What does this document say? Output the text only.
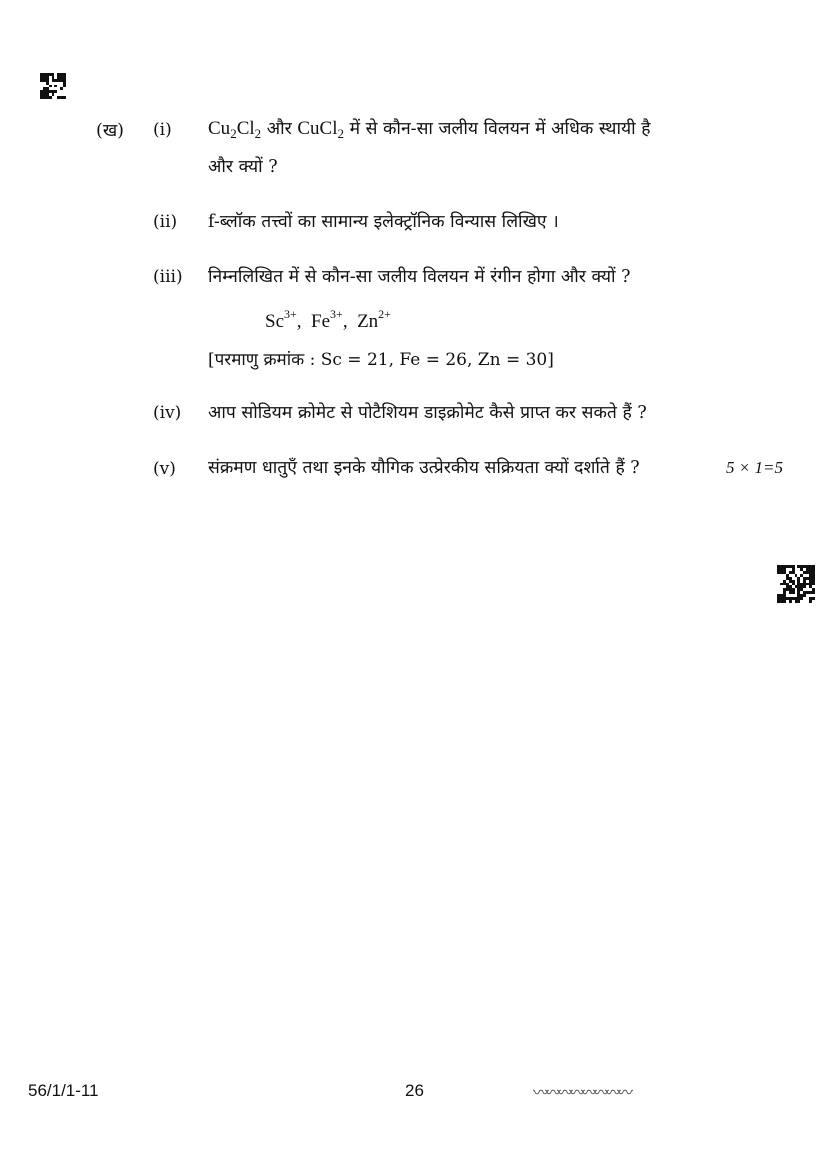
(ख) (i) $Cu_2Cl_2$ और CuCl$_2$ में से कौन-सा जलीय विलयन में अधिक स्थायी है
और क्यों ?
(ii) f-ब्लॉक तत्त्वों का सामान्य इलेक्ट्रॉनिक विन्यास लिखिए ।
(iii) निम्नलिखित में से कौन-सा जलीय विलयन में रंगीन होगा और क्यों ?
$Sc^{3+}$, $Fe^{3+}$, $Zn^{2+}$
[परमाणु क्रमांक : Sc = 21, Fe = 26, Zn = 30]
(iv) आप सोडियम क्रोमेट से पोटैशियम डाइक्रोमेट कैसे प्राप्त कर सकते हैं ?
(v) संक्रमण धातुएँ तथा इनके यौगिक उत्प्रेरकीय सक्रियता क्यों दर्शाते हैं ?	5 × 1=5
56/1/1-11	26	〰〰〰〰〰〰〰〰
